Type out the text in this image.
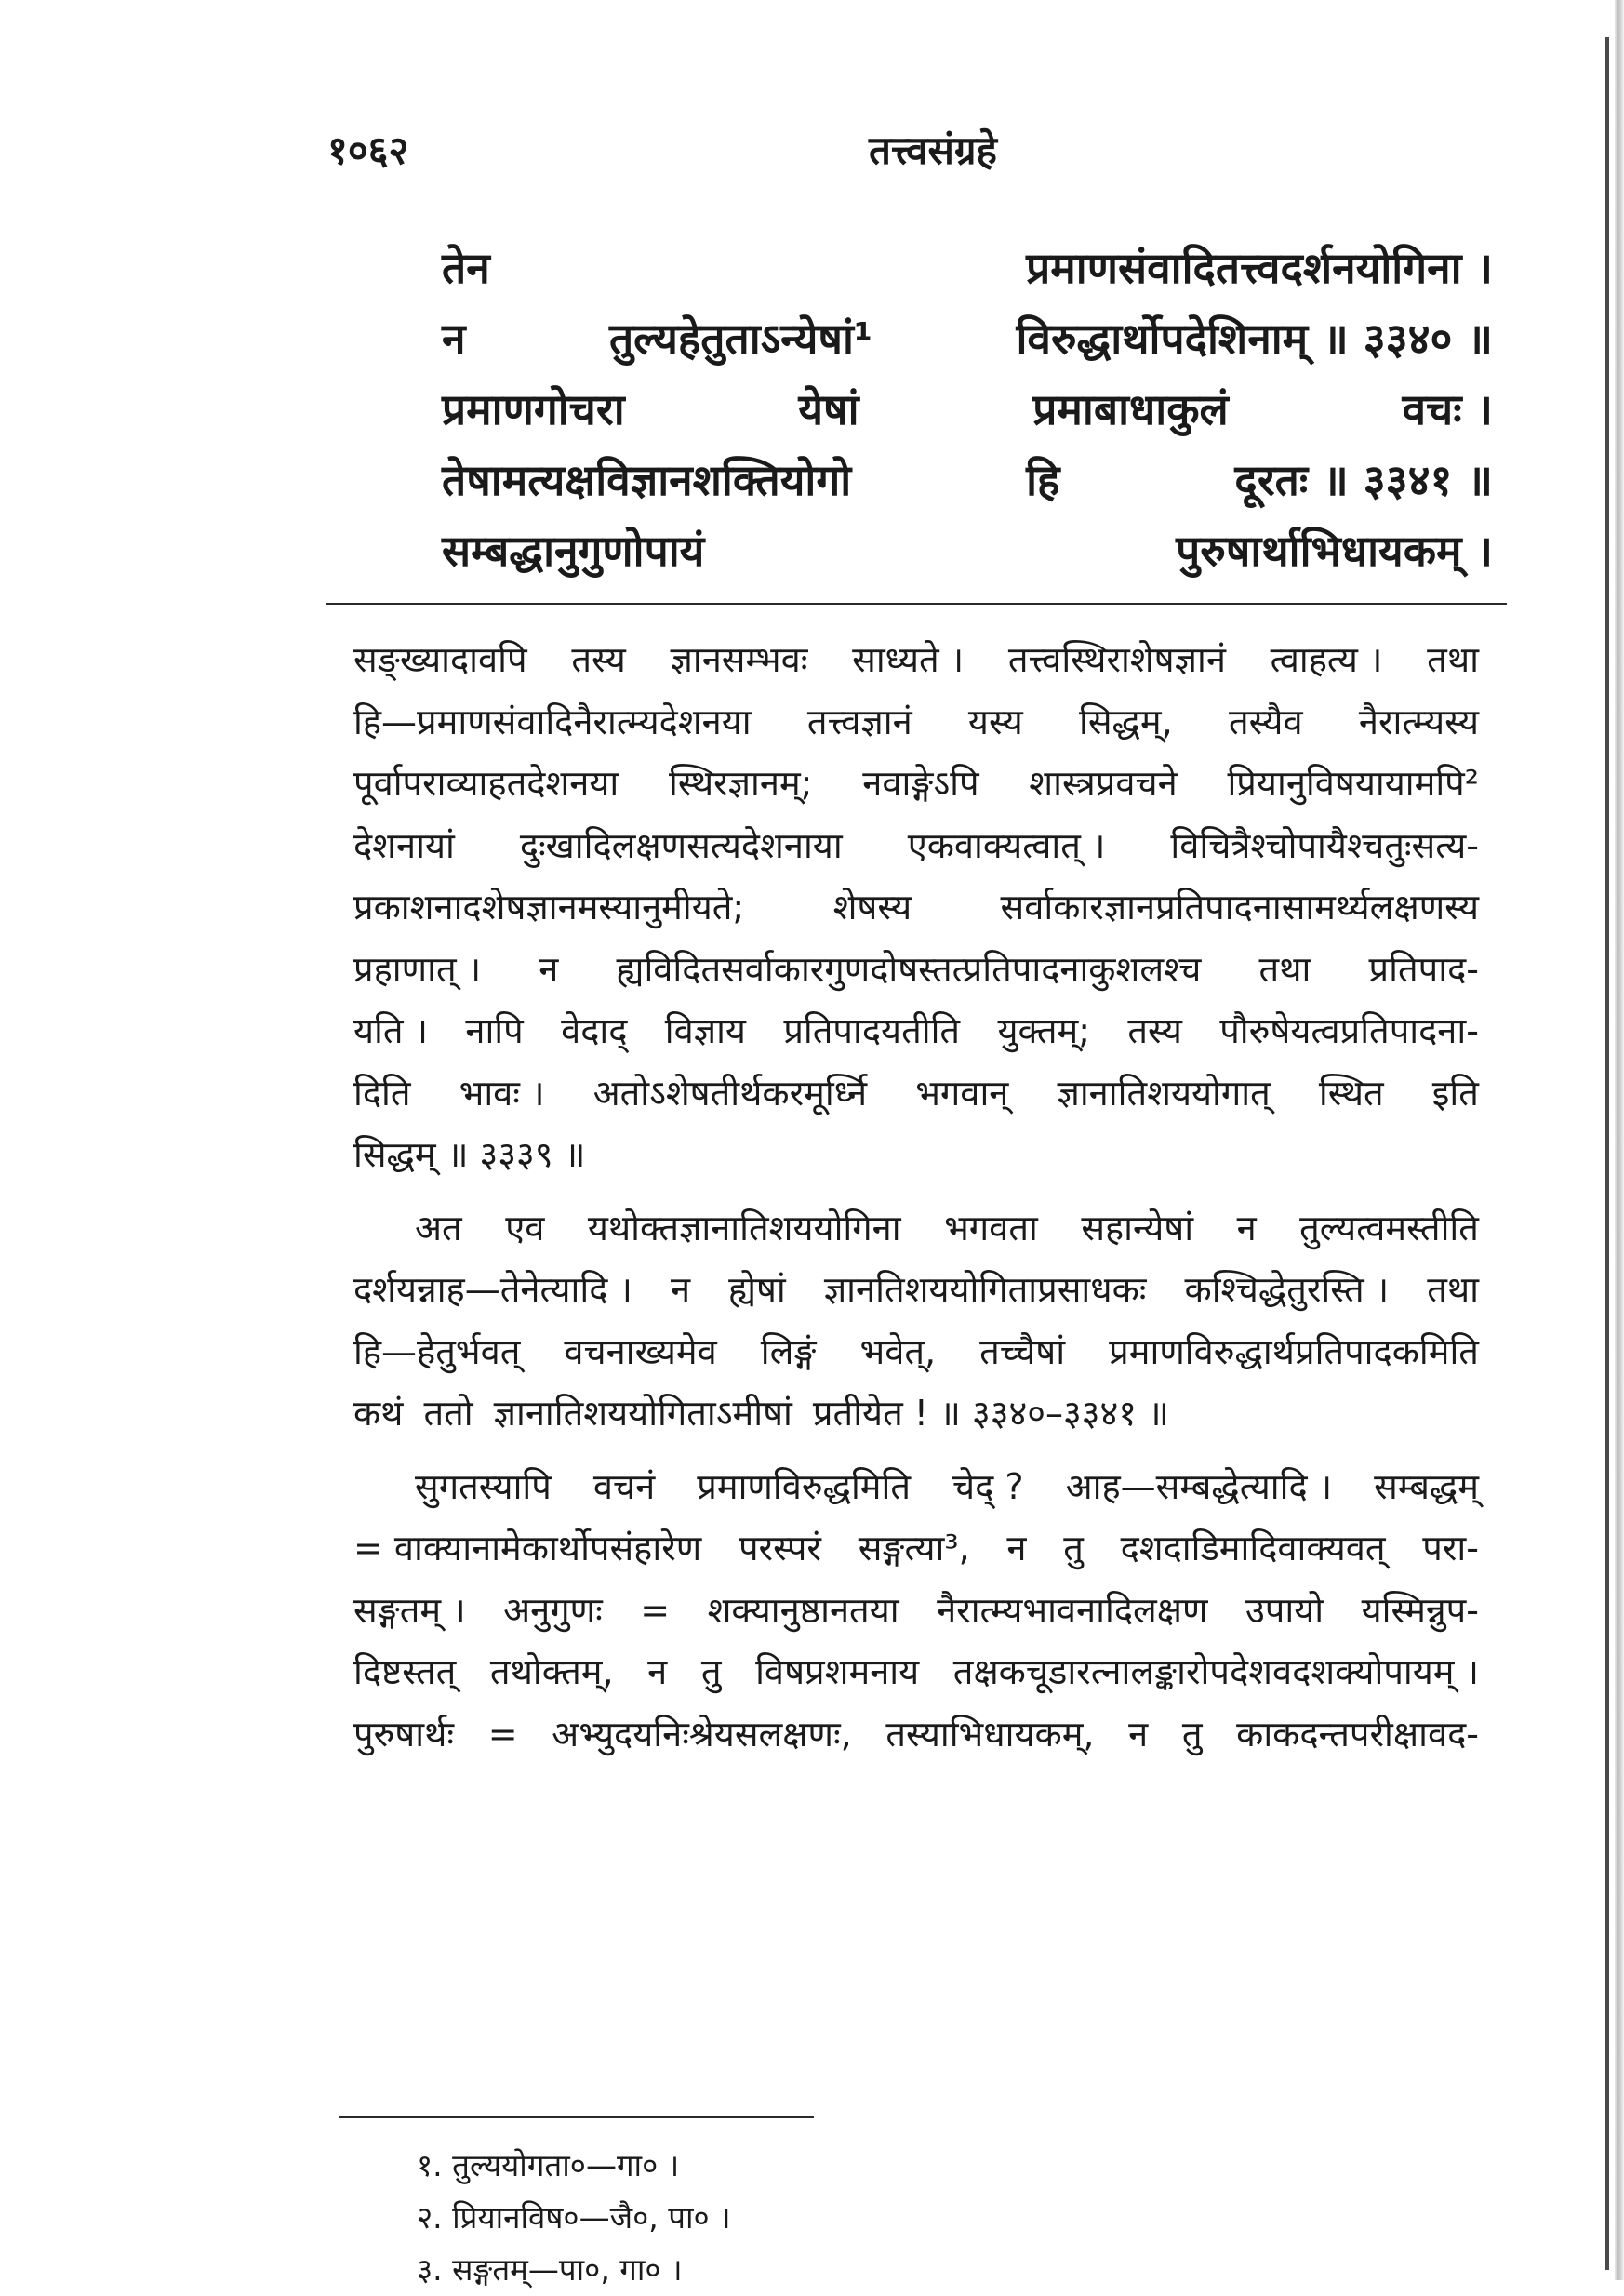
१०६२	तत्त्वसंग्रहे
तेन	प्रमाणसंवादितत्त्वदर्शनयोगिना ।
न	तुल्यहेतुताऽन्येषां¹	विरुद्धार्थोपदेशिनाम् ॥ ३३४० ॥
प्रमाणगोचरा	येषां	प्रमाबाधाकुलं	वचः ।
तेषामत्यक्षविज्ञानशक्तियोगो	हि	दूरतः ॥ ३३४१ ॥
सम्बद्धानुगुणोपायं	पुरुषार्थाभिधायकम् ।
सङ्ख्यादावपि तस्य ज्ञानसम्भवः साध्यते । तत्त्वस्थिराशेषज्ञानं त्वाहत्य । तथा
हि—प्रमाणसंवादिनैरात्म्यदेशनया तत्त्वज्ञानं यस्य सिद्धम्, तस्यैव नैरात्म्यस्य
पूर्वापराव्याहतदेशनया स्थिरज्ञानम्; नवाङ्गेऽपि शास्त्रप्रवचने प्रियानुविषयायामपि²
देशनायां दुःखादिलक्षणसत्यदेशनाया एकवाक्यत्वात् । विचित्रैश्चोपायैश्चतुःसत्य-
प्रकाशनादशेषज्ञानमस्यानुमीयते;	शेषस्य	सर्वाकारज्ञानप्रतिपादनासामर्थ्यलक्षणस्य
प्रहाणात् । न ह्यविदितसर्वाकारगुणदोषस्तत्प्रतिपादनाकुशलश्च तथा प्रतिपाद-
यति । नापि वेदाद् विज्ञाय प्रतिपादयतीति युक्तम्; तस्य पौरुषेयत्वप्रतिपादना-
दिति भावः । अतोऽशेषतीर्थकरमूर्ध्नि भगवान् ज्ञानातिशययोगात् स्थित इति
सिद्धम् ॥ ३३३९ ॥
अत एव यथोक्तज्ञानातिशययोगिना भगवता सहान्येषां न तुल्यत्वमस्तीति
दर्शयन्नाह—तेनेत्यादि । न ह्येषां ज्ञानतिशययोगिताप्रसाधकः कश्चिद्धेतुरस्ति । तथा
हि—हेतुर्भवत् वचनाख्यमेव लिङ्गं भवेत्, तच्चैषां प्रमाणविरुद्धार्थप्रतिपादकमिति
कथं ततो ज्ञानातिशययोगिताऽमीषां प्रतीयेत ! ॥ ३३४०–३३४१ ॥
सुगतस्यापि वचनं प्रमाणविरुद्धमिति चेद् ? आह—सम्बद्धेत्यादि । सम्बद्धम्
= वाक्यानामेकार्थोपसंहारेण परस्परं सङ्गत्या³, न तु दशदाडिमादिवाक्यवत् परा-
सङ्गतम् । अनुगुणः = शक्यानुष्ठानतया नैरात्म्यभावनादिलक्षण उपायो यस्मिन्नुप-
दिष्टस्तत् तथोक्तम्, न तु विषप्रशमनाय तक्षकचूडारत्नालङ्कारोपदेशवदशक्योपायम् ।
पुरुषार्थः = अभ्युदयनिःश्रेयसलक्षणः, तस्याभिधायकम्, न तु काकदन्तपरीक्षावद-
१. तुल्ययोगता०—गा० ।
२. प्रियानविष०—जै०, पा० ।
३. सङ्गतम्—पा०, गा० ।
